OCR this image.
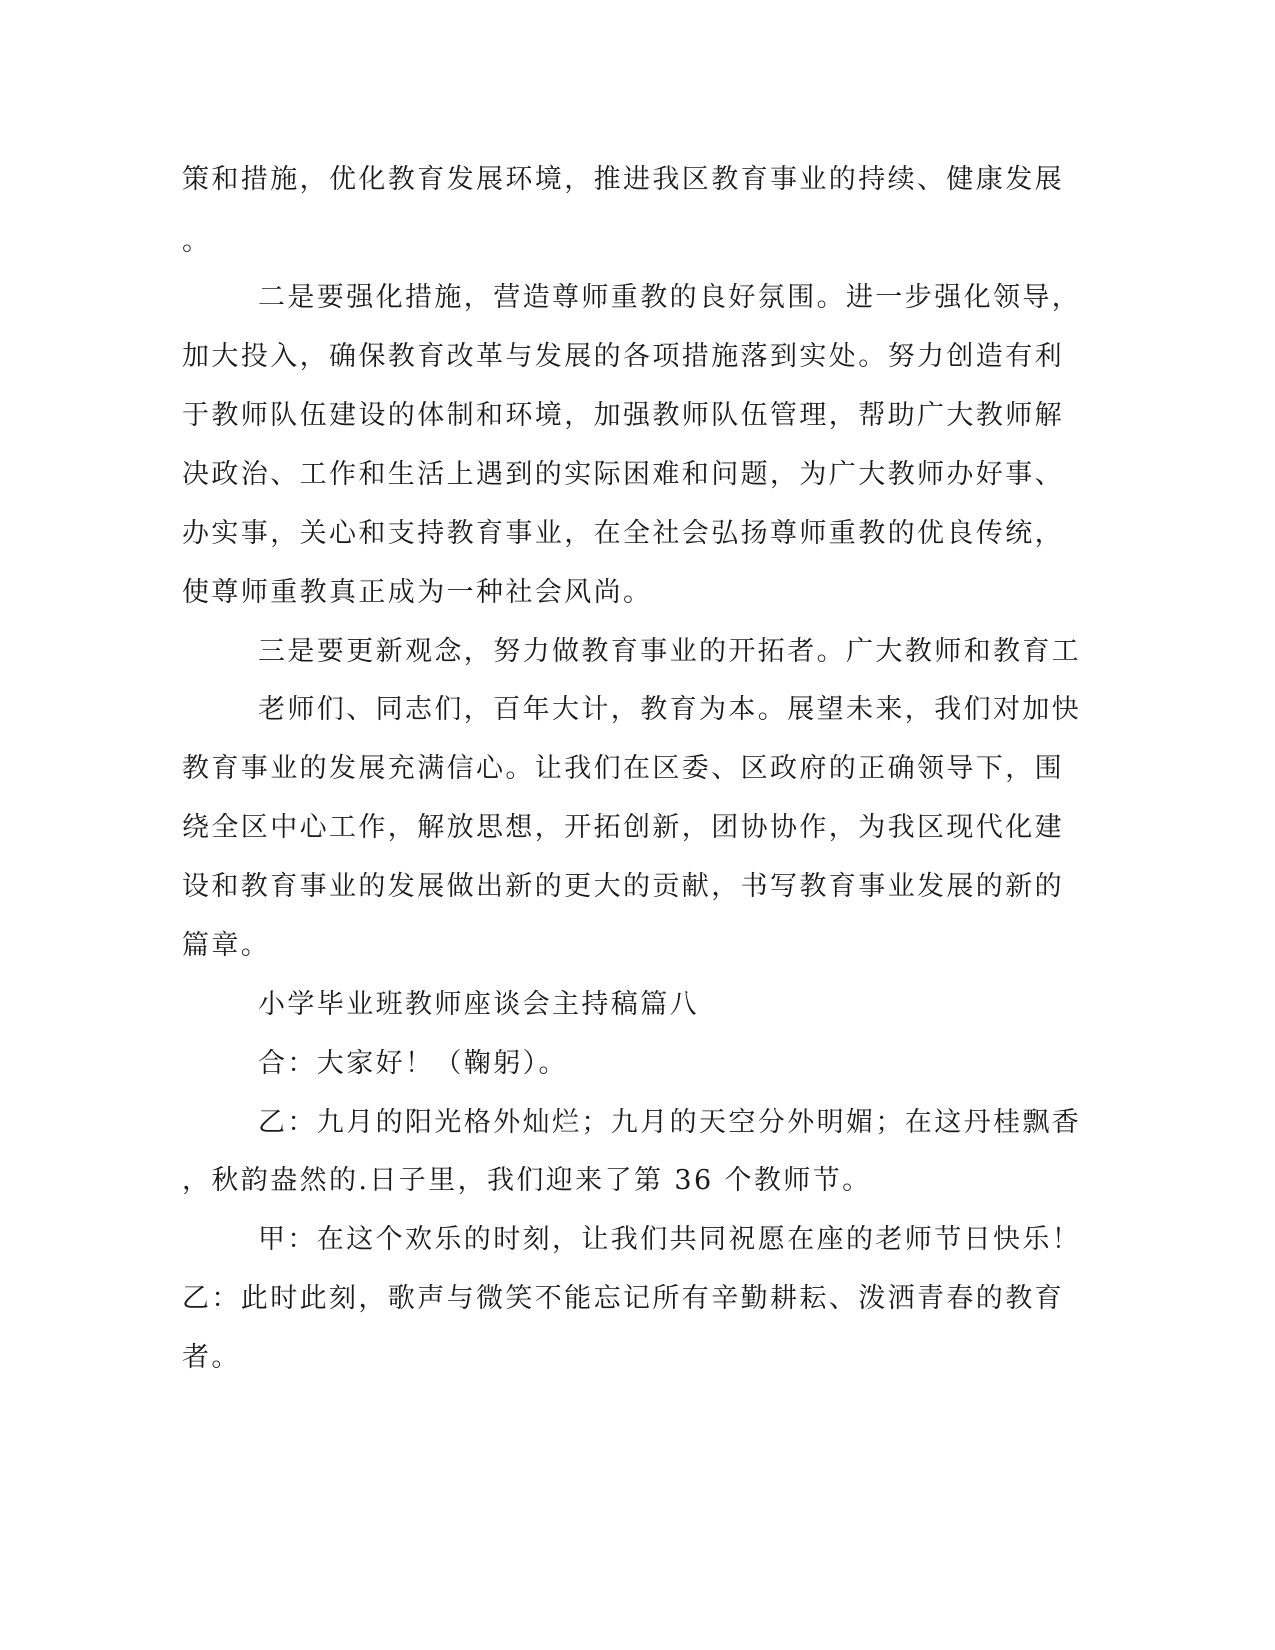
策和措施，优化教育发展环境，推进我区教育事业的持续、健康发展
。
二是要强化措施，营造尊师重教的良好氛围。进一步强化领导，
加大投入，确保教育改革与发展的各项措施落到实处。努力创造有利
于教师队伍建设的体制和环境，加强教师队伍管理，帮助广大教师解
决政治、工作和生活上遇到的实际困难和问题，为广大教师办好事、
办实事，关心和支持教育事业，在全社会弘扬尊师重教的优良传统，
使尊师重教真正成为一种社会风尚。
三是要更新观念，努力做教育事业的开拓者。广大教师和教育工
老师们、同志们，百年大计，教育为本。展望未来，我们对加快
教育事业的发展充满信心。让我们在区委、区政府的正确领导下，围
绕全区中心工作，解放思想，开拓创新，团协协作，为我区现代化建
设和教育事业的发展做出新的更大的贡献，书写教育事业发展的新的
篇章。
小学毕业班教师座谈会主持稿篇八
合：大家好！（鞠躬）。
乙：九月的阳光格外灿烂；九月的天空分外明媚；在这丹桂飘香
，秋韵盎然的.日子里，我们迎来了第 36 个教师节。
甲：在这个欢乐的时刻，让我们共同祝愿在座的老师节日快乐！
乙：此时此刻，歌声与微笑不能忘记所有辛勤耕耘、泼洒青春的教育
者。
